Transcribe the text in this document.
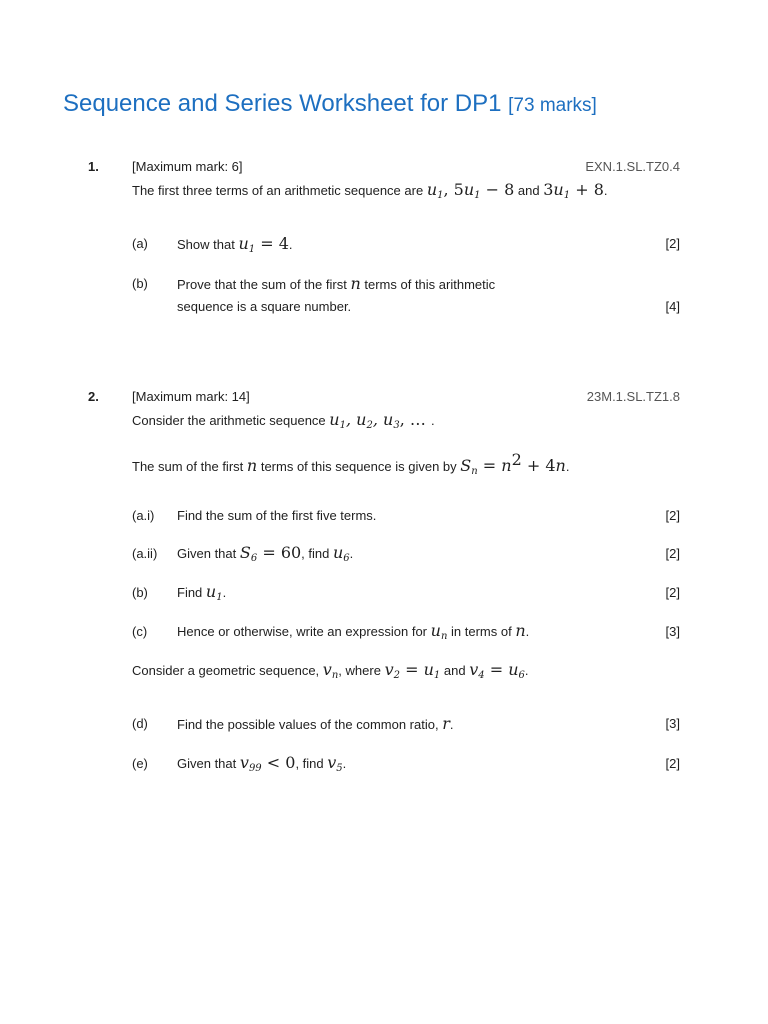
Sequence and Series Worksheet for DP1 [73 marks]
1.	[Maximum mark: 6]	EXN.1.SL.TZ0.4
The first three terms of an arithmetic sequence are $u_1$, $5u_1 - 8$ and $3u_1 + 8$.
(a) Show that $u_1 = 4$.	[2]
(b) Prove that the sum of the first n terms of this arithmetic
sequence is a square number.	[4]
2.	[Maximum mark: 14]	23M.1.SL.TZ1.8
Consider the arithmetic sequence $u_1$, $u_2$, $u_3$, … .
The sum of the first n terms of this sequence is given by $S_n = n^2 + 4n$.
(a.i) Find the sum of the first five terms.	[2]
(a.ii) Given that $S_6 = 60$, find $u_6$.	[2]
(b) Find $u_1$.	[2]
(c) Hence or otherwise, write an expression for $u_n$ in terms of n.	[3]
Consider a geometric sequence, $v_n$, where $v_2 = u_1$ and $v_4 = u_6$.
(d) Find the possible values of the common ratio, r.	[3]
(e) Given that $v_{99} < 0$, find $v_5$.	[2]
